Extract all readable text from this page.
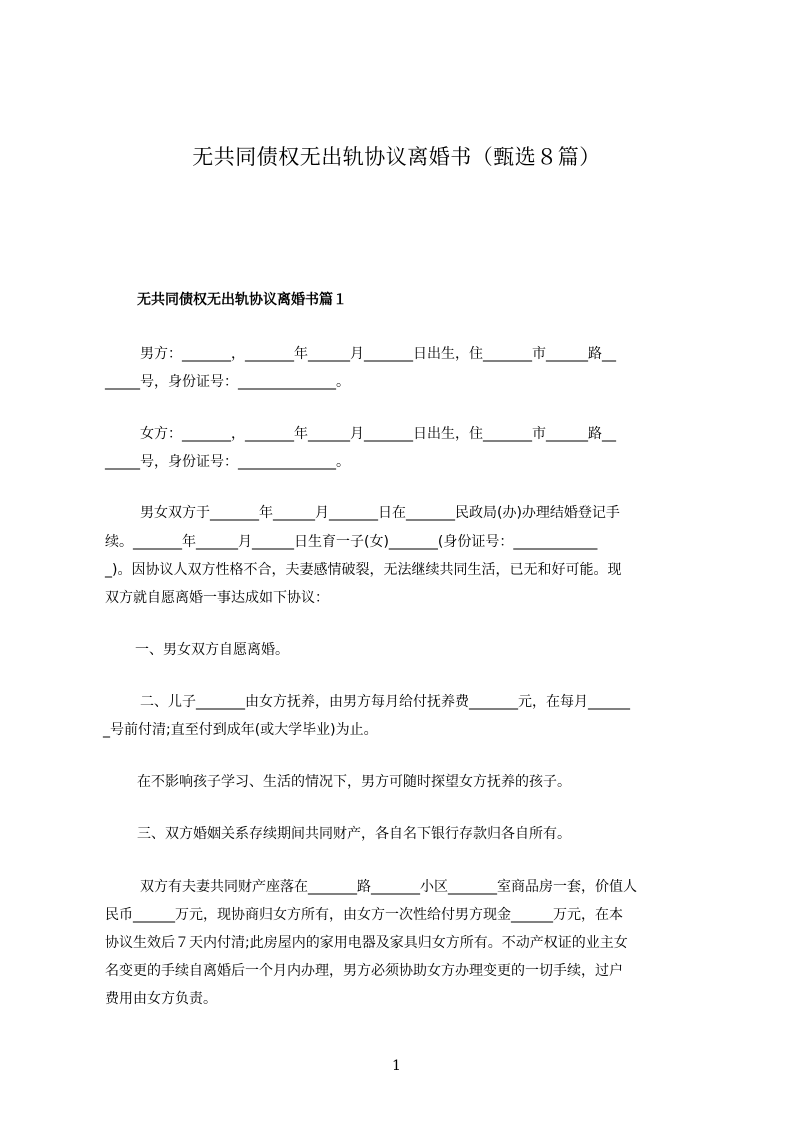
无共同债权无出轨协议离婚书（甄选８篇）
无共同债权无出轨协议离婚书篇１
男方：_______，_______年______月_______日出生，住_______市______路__
_____号，身份证号：______________。
女方：_______，_______年______月_______日出生，住_______市______路__
_____号，身份证号：______________。
男女双方于_______年______月_______日在_______民政局(办)办理结婚登记手
续。_______年______月______日生育一子(女)_______(身份证号：____________
_)。因协议人双方性格不合，夫妻感情破裂，无法继续共同生活，已无和好可能。现
双方就自愿离婚一事达成如下协议：
一、男女双方自愿离婚。
二、儿子_______由女方抚养，由男方每月给付抚养费_______元，在每月______
_号前付清;直至付到成年(或大学毕业)为止。
在不影响孩子学习、生活的情况下，男方可随时探望女方抚养的孩子。
三、双方婚姻关系存续期间共同财产，各自名下银行存款归各自所有。
双方有夫妻共同财产座落在_______路_______小区_______室商品房一套，价值人
民币______万元，现协商归女方所有，由女方一次性给付男方现金______万元，在本
协议生效后７天内付清;此房屋内的家用电器及家具归女方所有。不动产权证的业主女
名变更的手续自离婚后一个月内办理，男方必须协助女方办理变更的一切手续，过户
费用由女方负责。
1
